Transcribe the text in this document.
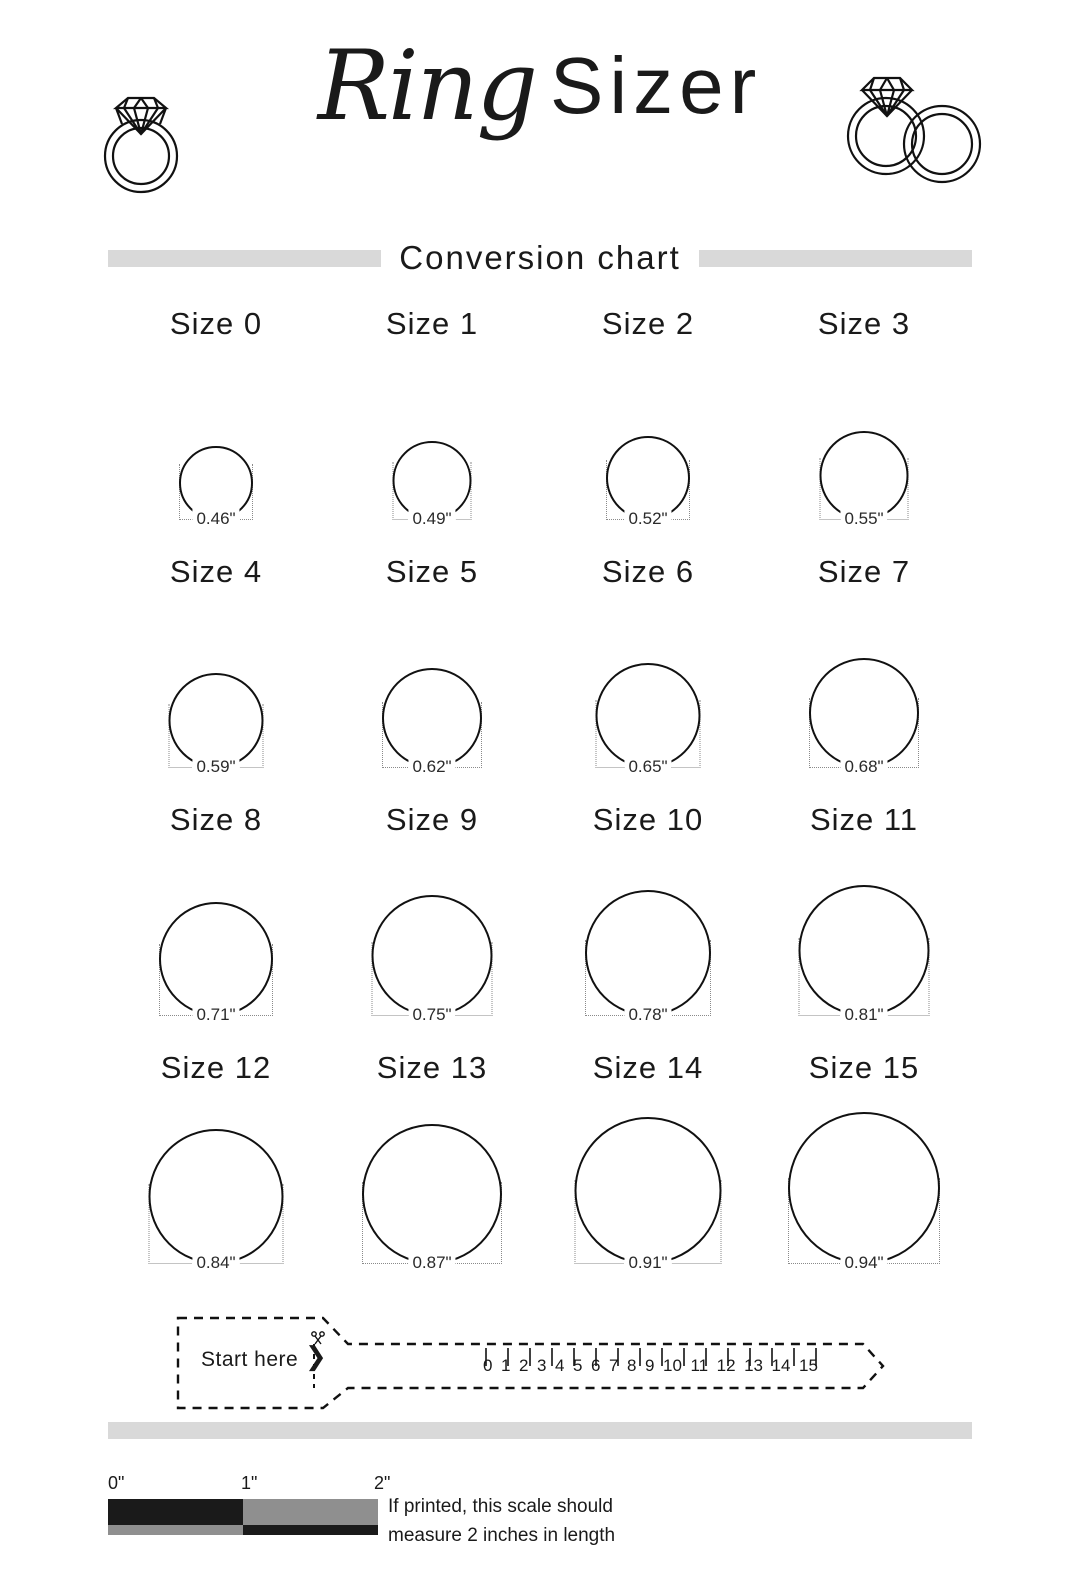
Ring Sizer
Conversion chart
Size 0
0.46"
Size 1
0.49"
Size 2
0.52"
Size 3
0.55"
Size 4
0.59"
Size 5
0.62"
Size 6
0.65"
Size 7
0.68"
Size 8
0.71"
Size 9
0.75"
Size 10
0.78"
Size 11
0.81"
Size 12
0.84"
Size 13
0.87"
Size 14
0.91"
Size 15
0.94"
Start here ❯	0 1 2 3 4 5 6 7 8 9 10 11 12 13 14 15
0"	1"	2"
If printed, this scale should
measure 2 inches in length
